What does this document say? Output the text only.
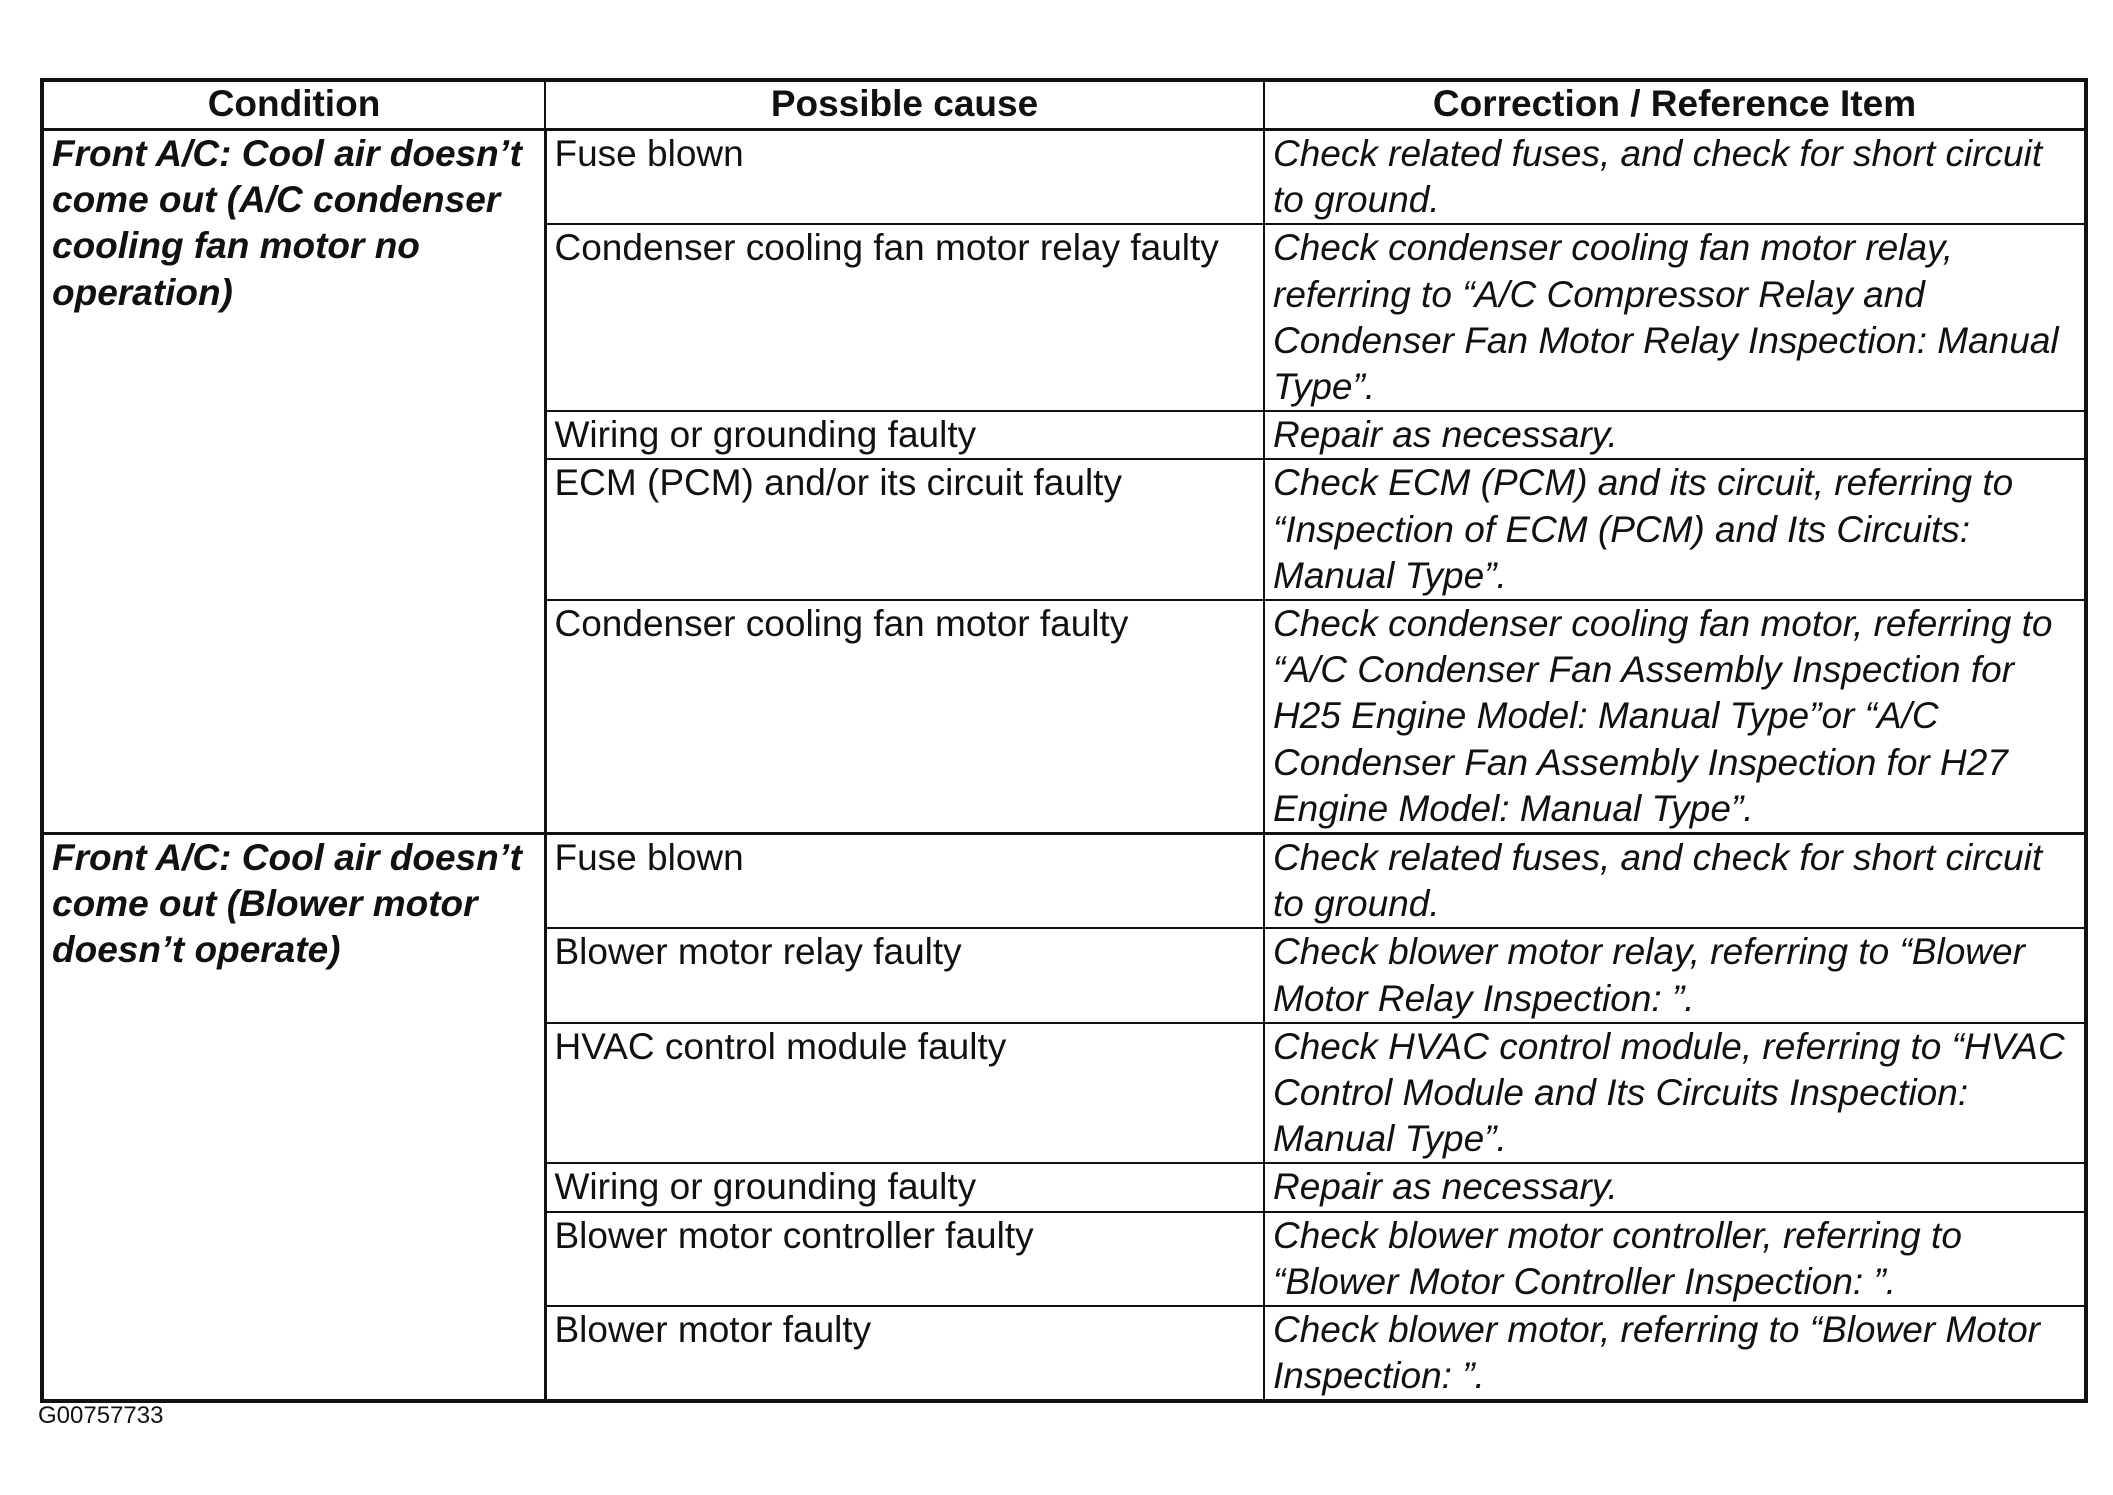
Condition	Possible cause	Correction / Reference Item
Front A/C: Cool air doesn’t come out (A/C condenser cooling fan motor no operation)	Fuse blown	Check related fuses, and check for short circuit to ground.
	Condenser cooling fan motor relay faulty	Check condenser cooling fan motor relay, referring to “A/C Compressor Relay and Condenser Fan Motor Relay Inspection: Manual Type”.
	Wiring or grounding faulty	Repair as necessary.
	ECM (PCM) and/or its circuit faulty	Check ECM (PCM) and its circuit, referring to “Inspection of ECM (PCM) and Its Circuits: Manual Type”.
	Condenser cooling fan motor faulty	Check condenser cooling fan motor, referring to “A/C Condenser Fan Assembly Inspection for H25 Engine Model: Manual Type”or “A/C Condenser Fan Assembly Inspection for H27 Engine Model: Manual Type”.
Front A/C: Cool air doesn’t come out (Blower motor doesn’t operate)	Fuse blown	Check related fuses, and check for short circuit to ground.
	Blower motor relay faulty	Check blower motor relay, referring to “Blower Motor Relay Inspection: ”.
	HVAC control module faulty	Check HVAC control module, referring to “HVAC Control Module and Its Circuits Inspection: Manual Type”.
	Wiring or grounding faulty	Repair as necessary.
	Blower motor controller faulty	Check blower motor controller, referring to “Blower Motor Controller Inspection: ”.
	Blower motor faulty	Check blower motor, referring to “Blower Motor Inspection: ”.
G00757733
